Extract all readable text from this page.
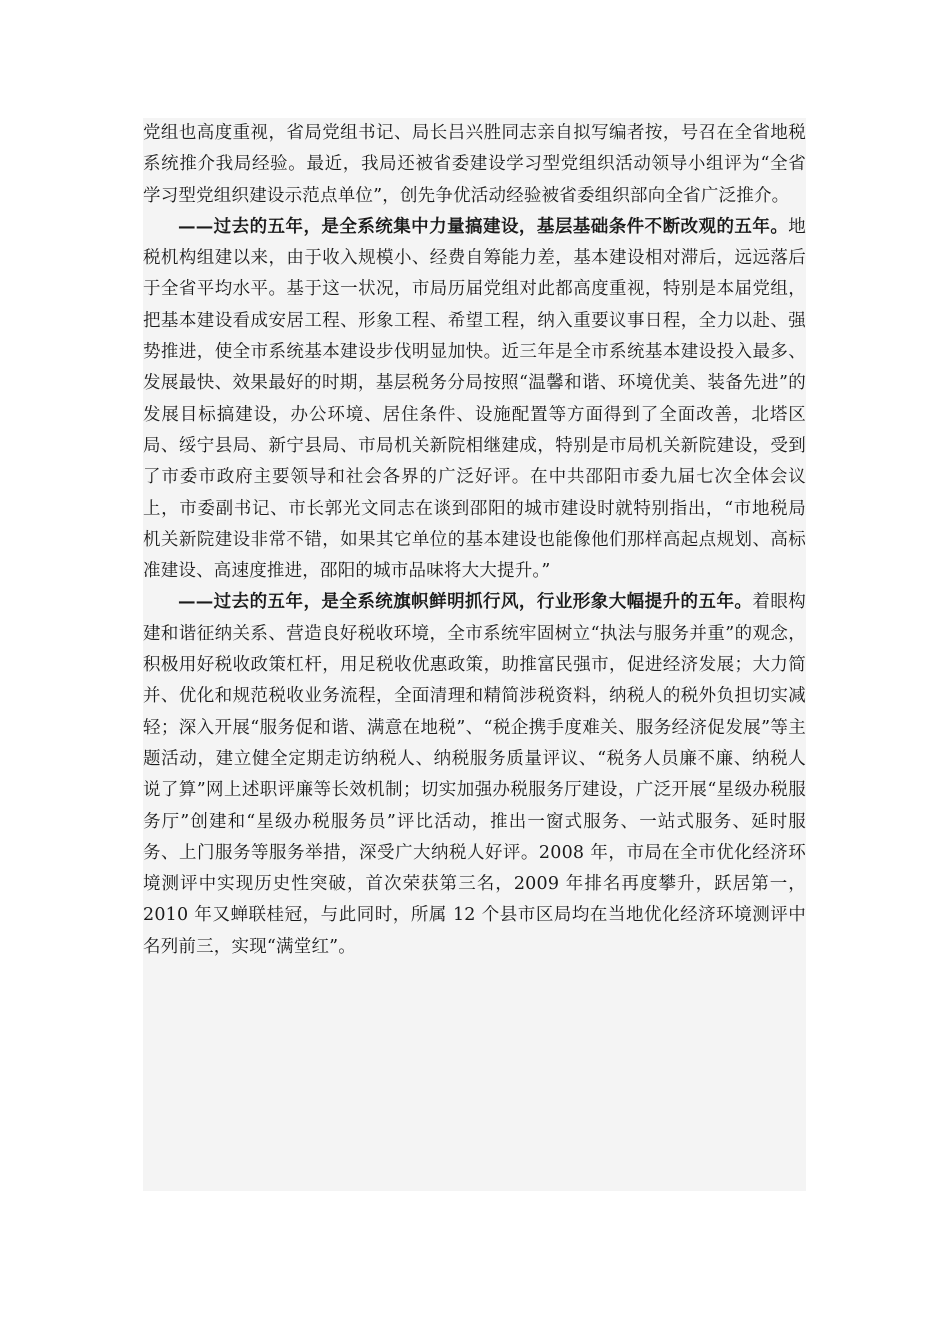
党组也高度重视，省局党组书记、局长吕兴胜同志亲自拟写编者按，号召在全省地税系统推介我局经验。最近，我局还被省委建设学习型党组织活动领导小组评为“全省学习型党组织建设示范点单位”，创先争优活动经验被省委组织部向全省广泛推介。

——过去的五年，是全系统集中力量搞建设，基层基础条件不断改观的五年。地税机构组建以来，由于收入规模小、经费自筹能力差，基本建设相对滞后，远远落后于全省平均水平。基于这一状况，市局历届党组对此都高度重视，特别是本届党组，把基本建设看成安居工程、形象工程、希望工程，纳入重要议事日程，全力以赴、强势推进，使全市系统基本建设步伐明显加快。近三年是全市系统基本建设投入最多、发展最快、效果最好的时期，基层税务分局按照“温馨和谐、环境优美、装备先进”的发展目标搞建设，办公环境、居住条件、设施配置等方面得到了全面改善，北塔区局、绥宁县局、新宁县局、市局机关新院相继建成，特别是市局机关新院建设，受到了市委市政府主要领导和社会各界的广泛好评。在中共邵阳市委九届七次全体会议上，市委副书记、市长郭光文同志在谈到邵阳的城市建设时就特别指出，“市地税局机关新院建设非常不错，如果其它单位的基本建设也能像他们那样高起点规划、高标准建设、高速度推进，邵阳的城市品味将大大提升。”

——过去的五年，是全系统旗帜鲜明抓行风，行业形象大幅提升的五年。着眼构建和谐征纳关系、营造良好税收环境，全市系统牢固树立“执法与服务并重”的观念，积极用好税收政策杠杆，用足税收优惠政策，助推富民强市，促进经济发展；大力简并、优化和规范税收业务流程，全面清理和精简涉税资料，纳税人的税外负担切实减轻；深入开展“服务促和谐、满意在地税”、“税企携手度难关、服务经济促发展”等主题活动，建立健全定期走访纳税人、纳税服务质量评议、“税务人员廉不廉、纳税人说了算”网上述职评廉等长效机制；切实加强办税服务厅建设，广泛开展“星级办税服务厅”创建和“星级办税服务员”评比活动，推出一窗式服务、一站式服务、延时服务、上门服务等服务举措，深受广大纳税人好评。2008 年，市局在全市优化经济环境测评中实现历史性突破，首次荣获第三名，2009 年排名再度攀升，跃居第一，2010 年又蝉联桂冠，与此同时，所属 12 个县市区局均在当地优化经济环境测评中名列前三，实现“满堂红”。
